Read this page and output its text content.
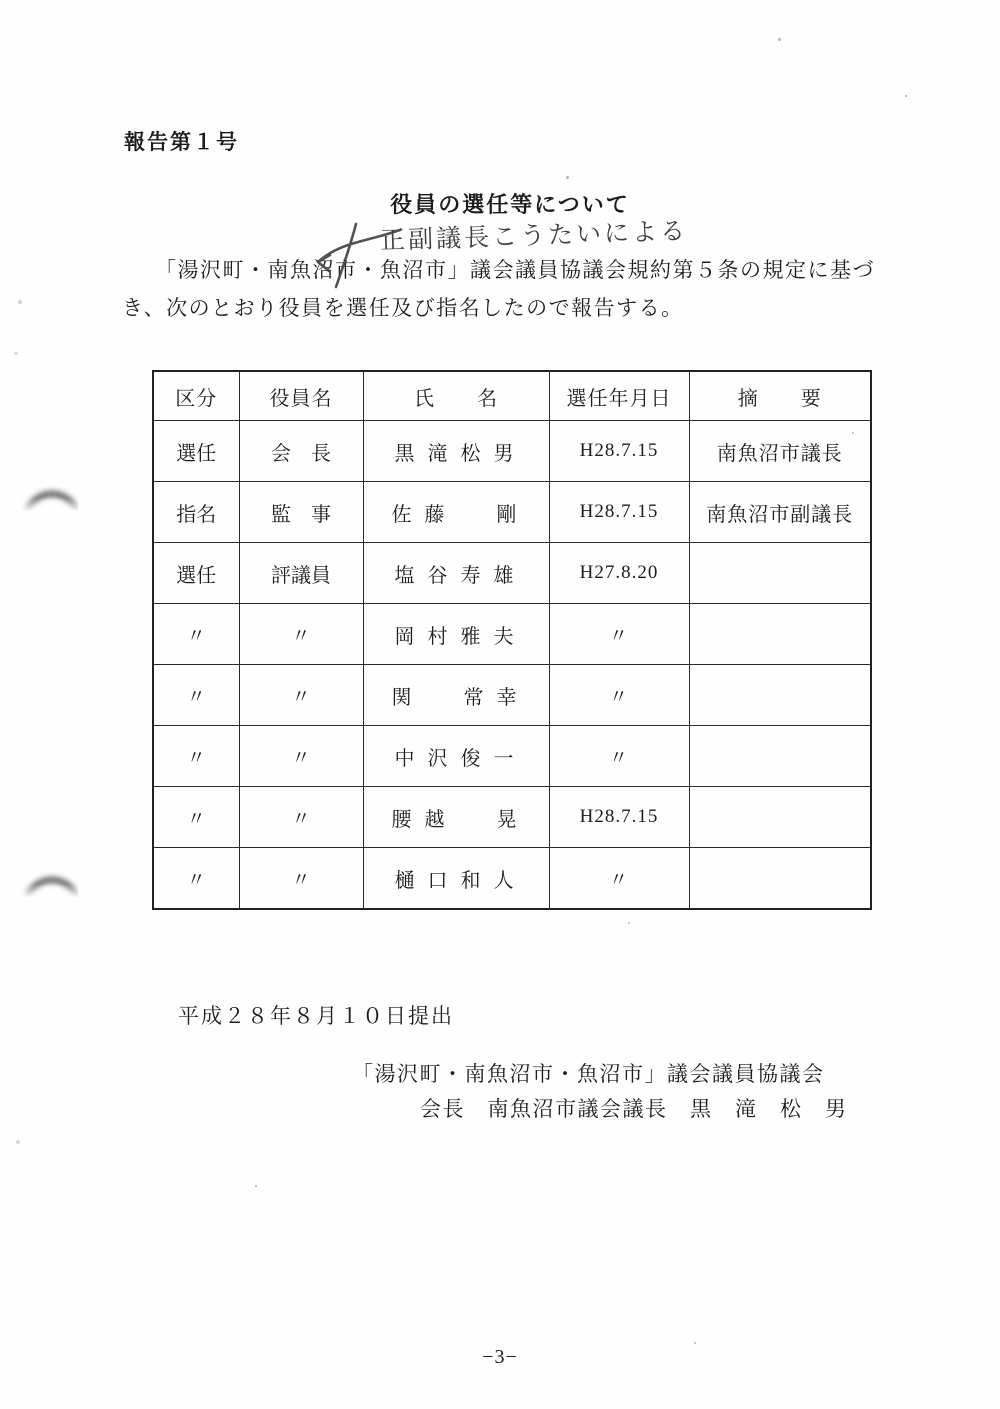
報告第１号
役員の選任等について
正副議長こうたいによる
「湯沢町・南魚沼市・魚沼市」議会議員協議会規約第５条の規定に基づ
き、次のとおり役員を選任及び指名したので報告する。
区分	役員名	氏　　名	選任年月日	摘　　要
選任	会　長	黒 滝 松 男	H28.7.15	南魚沼市議長
指名	監　事	佐 藤　　剛	H28.7.15	南魚沼市副議長
選任	評議員	塩 谷 寿 雄	H27.8.20	
〃	〃	岡 村 雅 夫	〃	
〃	〃	関　　常 幸	〃	
〃	〃	中 沢 俊 一	〃	
〃	〃	腰 越　　晃	H28.7.15	
〃	〃	樋 口 和 人	〃	
平成２８年８月１０日提出
「湯沢町・南魚沼市・魚沼市」議会議員協議会
会長　南魚沼市議会議長　黒　滝　松　男
−3−
